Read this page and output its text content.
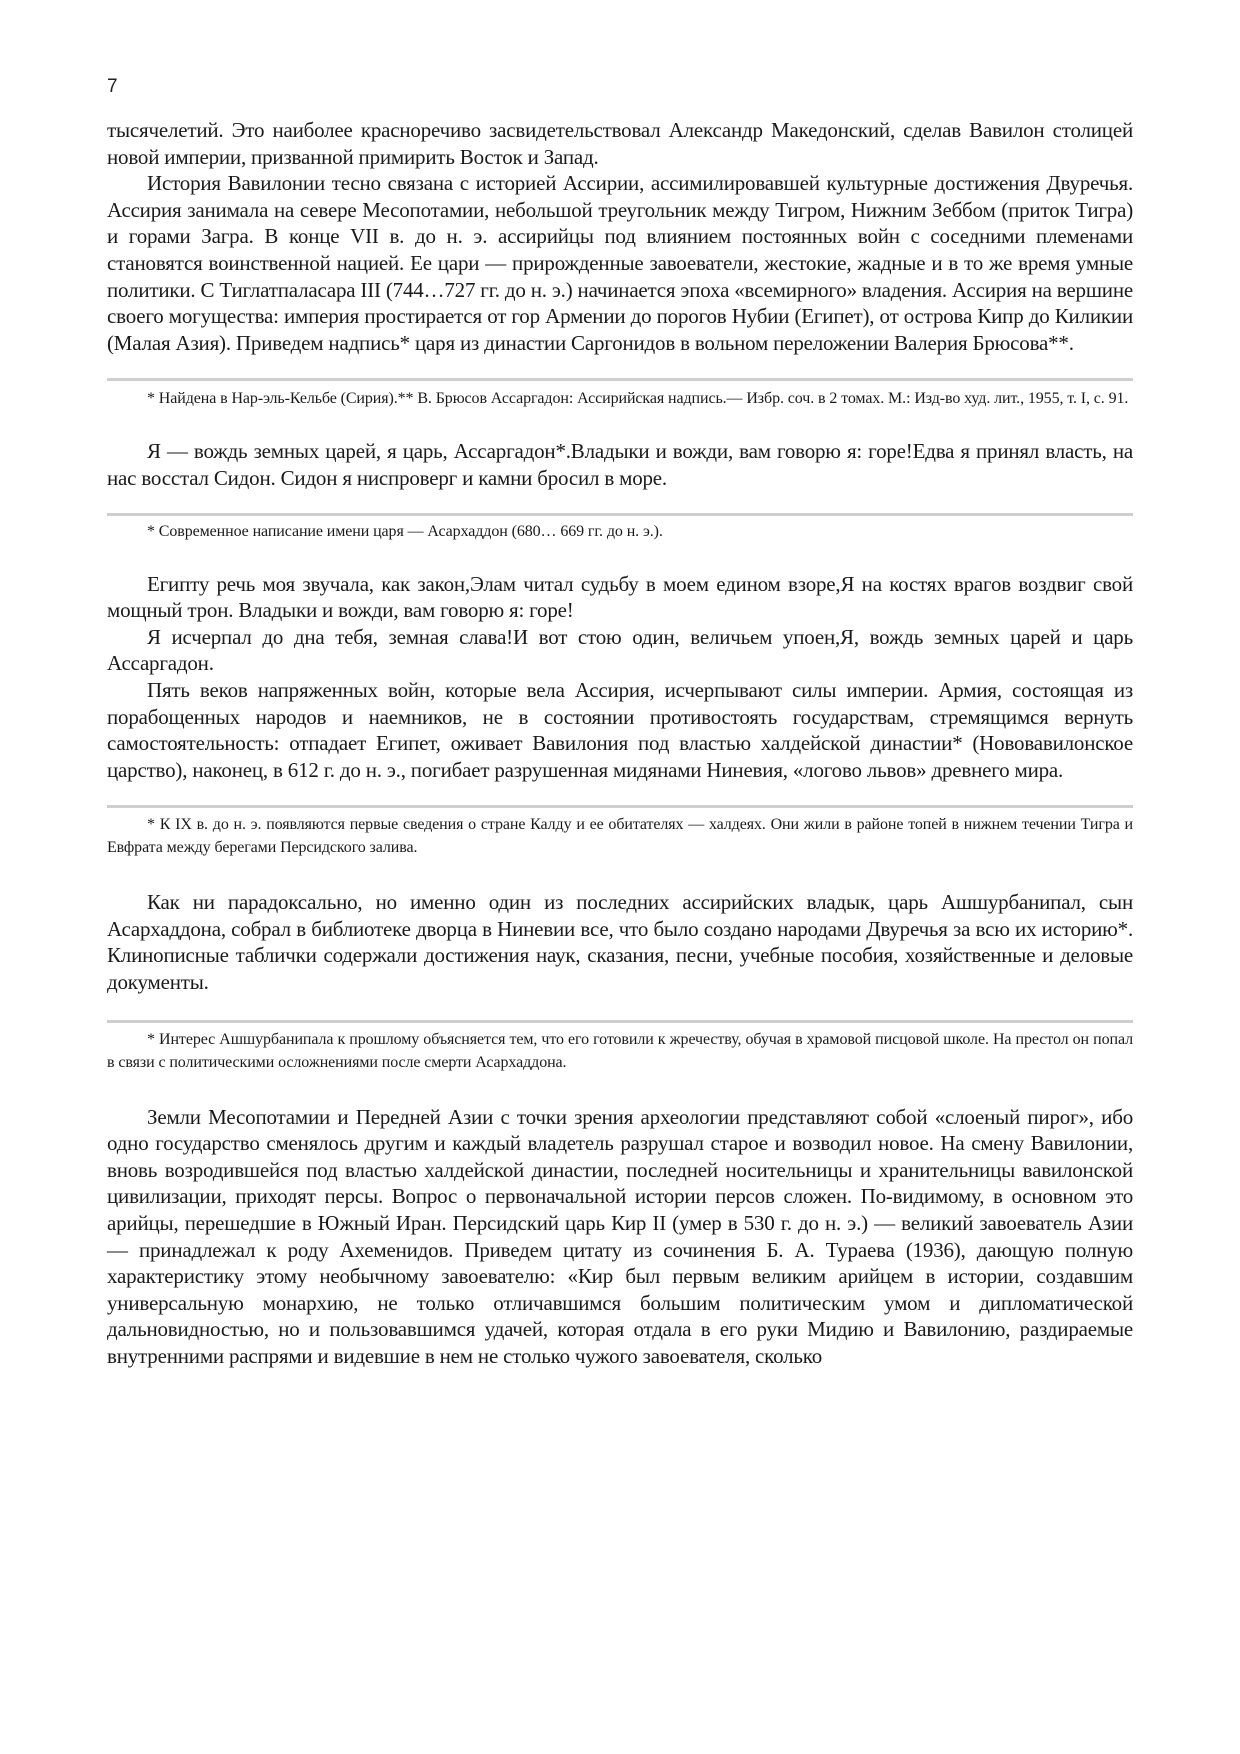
7

тысячелетий. Это наиболее красноречиво засвидетельствовал Александр Македонский, сделав Вавилон столицей новой империи, призванной примирить Восток и Запад.

История Вавилонии тесно связана с историей Ассирии, ассимилировавшей культурные достижения Двуречья. Ассирия занимала на севере Месопотамии, небольшой треугольник между Тигром, Нижним Зеббом (приток Тигра) и горами Загра. В конце VII в. до н. э. ассирийцы под влиянием постоянных войн с соседними племенами становятся воинственной нацией. Ее цари — прирожденные завоеватели, жестокие, жадные и в то же время умные политики. С Тиглатпаласара III (744…727 гг. до н. э.) начинается эпоха «всемирного» владения. Ассирия на вершине своего могущества: империя простирается от гор Армении до порогов Нубии (Египет), от острова Кипр до Киликии (Малая Азия). Приведем надпись* царя из династии Саргонидов в вольном переложении Валерия Брюсова**.

* Найдена в Нар-эль-Кельбе (Сирия).** В. Брюсов Ассаргадон: Ассирийская надпись.— Избр. соч. в 2 томах. М.: Изд-во худ. лит., 1955, т. I, с. 91.

Я — вождь земных царей, я царь, Ассаргадон*.Владыки и вожди, вам говорю я: горе!Едва я принял власть, на нас восстал Сидон. Сидон я ниспроверг и камни бросил в море.

* Современное написание имени царя — Асархаддон (680… 669 гг. до н. э.).

Египту речь моя звучала, как закон,Элам читал судьбу в моем едином взоре,Я на костях врагов воздвиг свой мощный трон. Владыки и вожди, вам говорю я: горе!

Я исчерпал до дна тебя, земная слава!И вот стою один, величьем упоен,Я, вождь земных царей и царь Ассаргадон.

Пять веков напряженных войн, которые вела Ассирия, исчерпывают силы империи. Армия, состоящая из порабощенных народов и наемников, не в состоянии противостоять государствам, стремящимся вернуть самостоятельность: отпадает Египет, оживает Вавилония под властью халдейской династии* (Нововавилонское царство), наконец, в 612 г. до н. э., погибает разрушенная мидянами Ниневия, «логово львов» древнего мира.

* К IX в. до н. э. появляются первые сведения о стране Калду и ее обитателях — халдеях. Они жили в районе топей в нижнем течении Тигра и Евфрата между берегами Персидского залива.

Как ни парадоксально, но именно один из последних ассирийских владык, царь Ашшурбанипал, сын Асархаддона, собрал в библиотеке дворца в Ниневии все, что было создано народами Двуречья за всю их историю*. Клинописные таблички содержали достижения наук, сказания, песни, учебные пособия, хозяйственные и деловые документы.

* Интерес Ашшурбанипала к прошлому объясняется тем, что его готовили к жречеству, обучая в храмовой писцовой школе. На престол он попал в связи с политическими осложнениями после смерти Асархаддона.

Земли Месопотамии и Передней Азии с точки зрения археологии представляют собой «слоеный пирог», ибо одно государство сменялось другим и каждый владетель разрушал старое и возводил новое. На смену Вавилонии, вновь возродившейся под властью халдейской династии, последней носительницы и хранительницы вавилонской цивилизации, приходят персы. Вопрос о первоначальной истории персов сложен. По-видимому, в основном это арийцы, перешедшие в Южный Иран. Персидский царь Кир II (умер в 530 г. до н. э.) — великий завоеватель Азии — принадлежал к роду Ахеменидов. Приведем цитату из сочинения Б. А. Тураева (1936), дающую полную характеристику этому необычному завоевателю: «Кир был первым великим арийцем в истории, создавшим универсальную монархию, не только отличавшимся большим политическим умом и дипломатической дальновидностью, но и пользовавшимся удачей, которая отдала в его руки Мидию и Вавилонию, раздираемые внутренними распрями и видевшие в нем не столько чужого завоевателя, сколько
